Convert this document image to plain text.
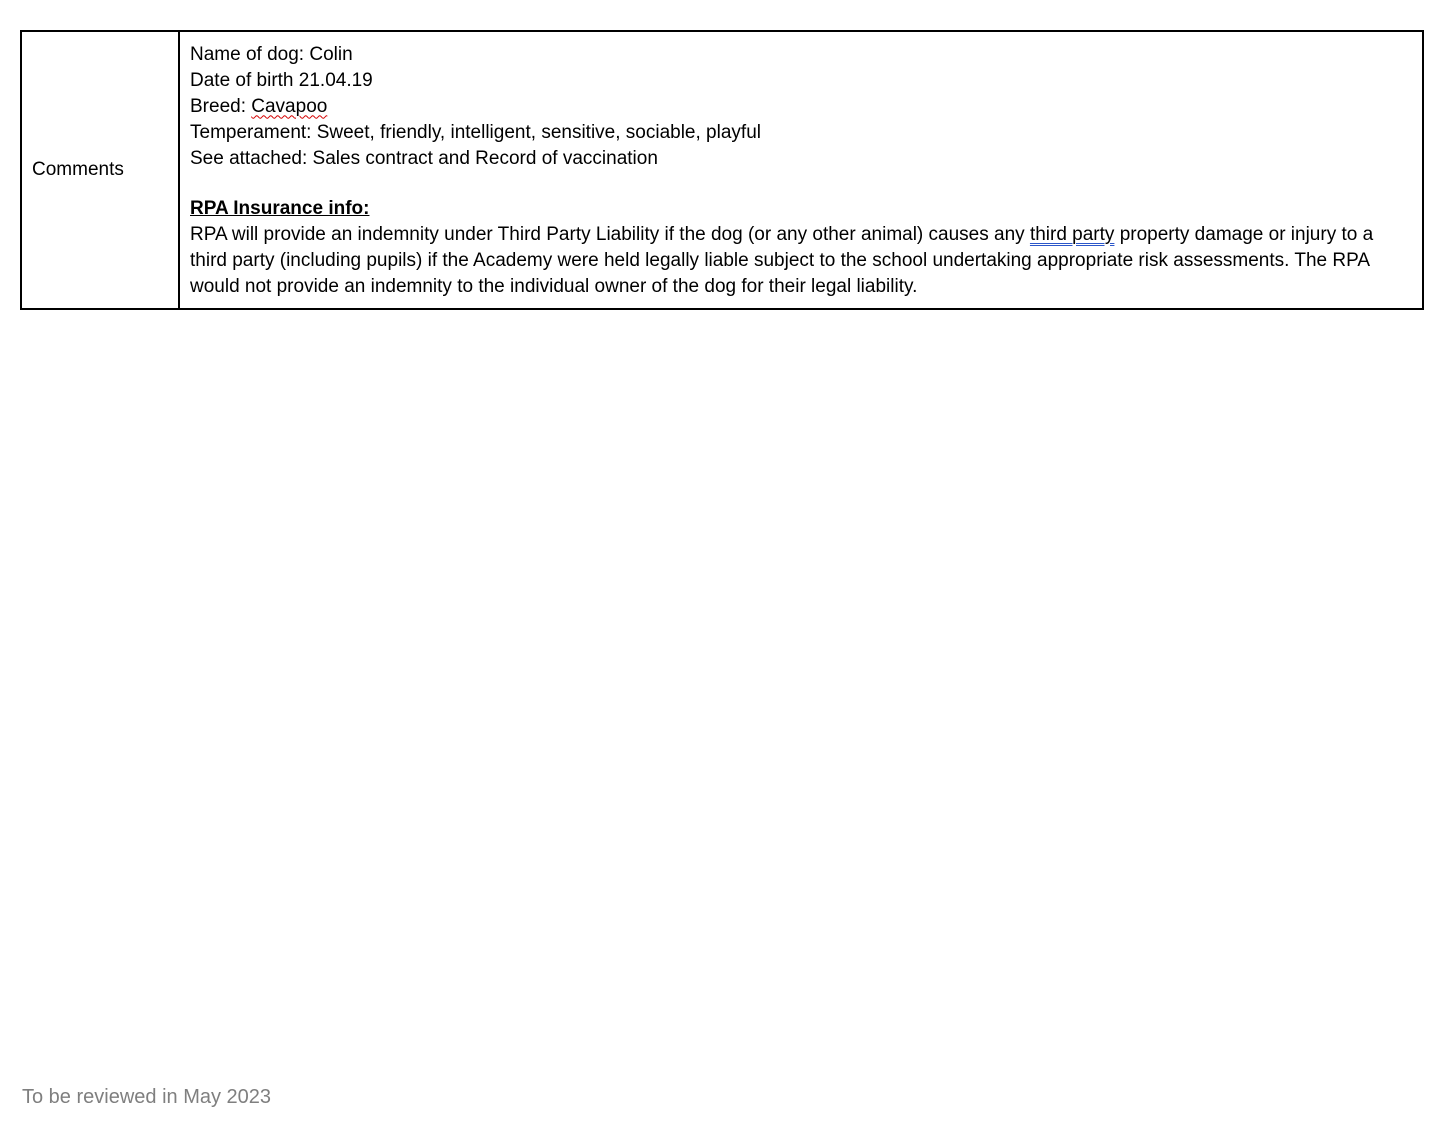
Comments	
Name of dog: Colin
Date of birth 21.04.19
Breed: Cavapoo
Temperament: Sweet, friendly, intelligent, sensitive, sociable, playful
See attached: Sales contract and Record of vaccination
RPA Insurance info:
RPA will provide an indemnity under Third Party Liability if the dog (or any other animal) causes any third party property damage or injury to a third party (including pupils) if the Academy were held legally liable subject to the school undertaking appropriate risk assessments. The RPA would not provide an indemnity to the individual owner of the dog for their legal liability.
To be reviewed in May 2023
